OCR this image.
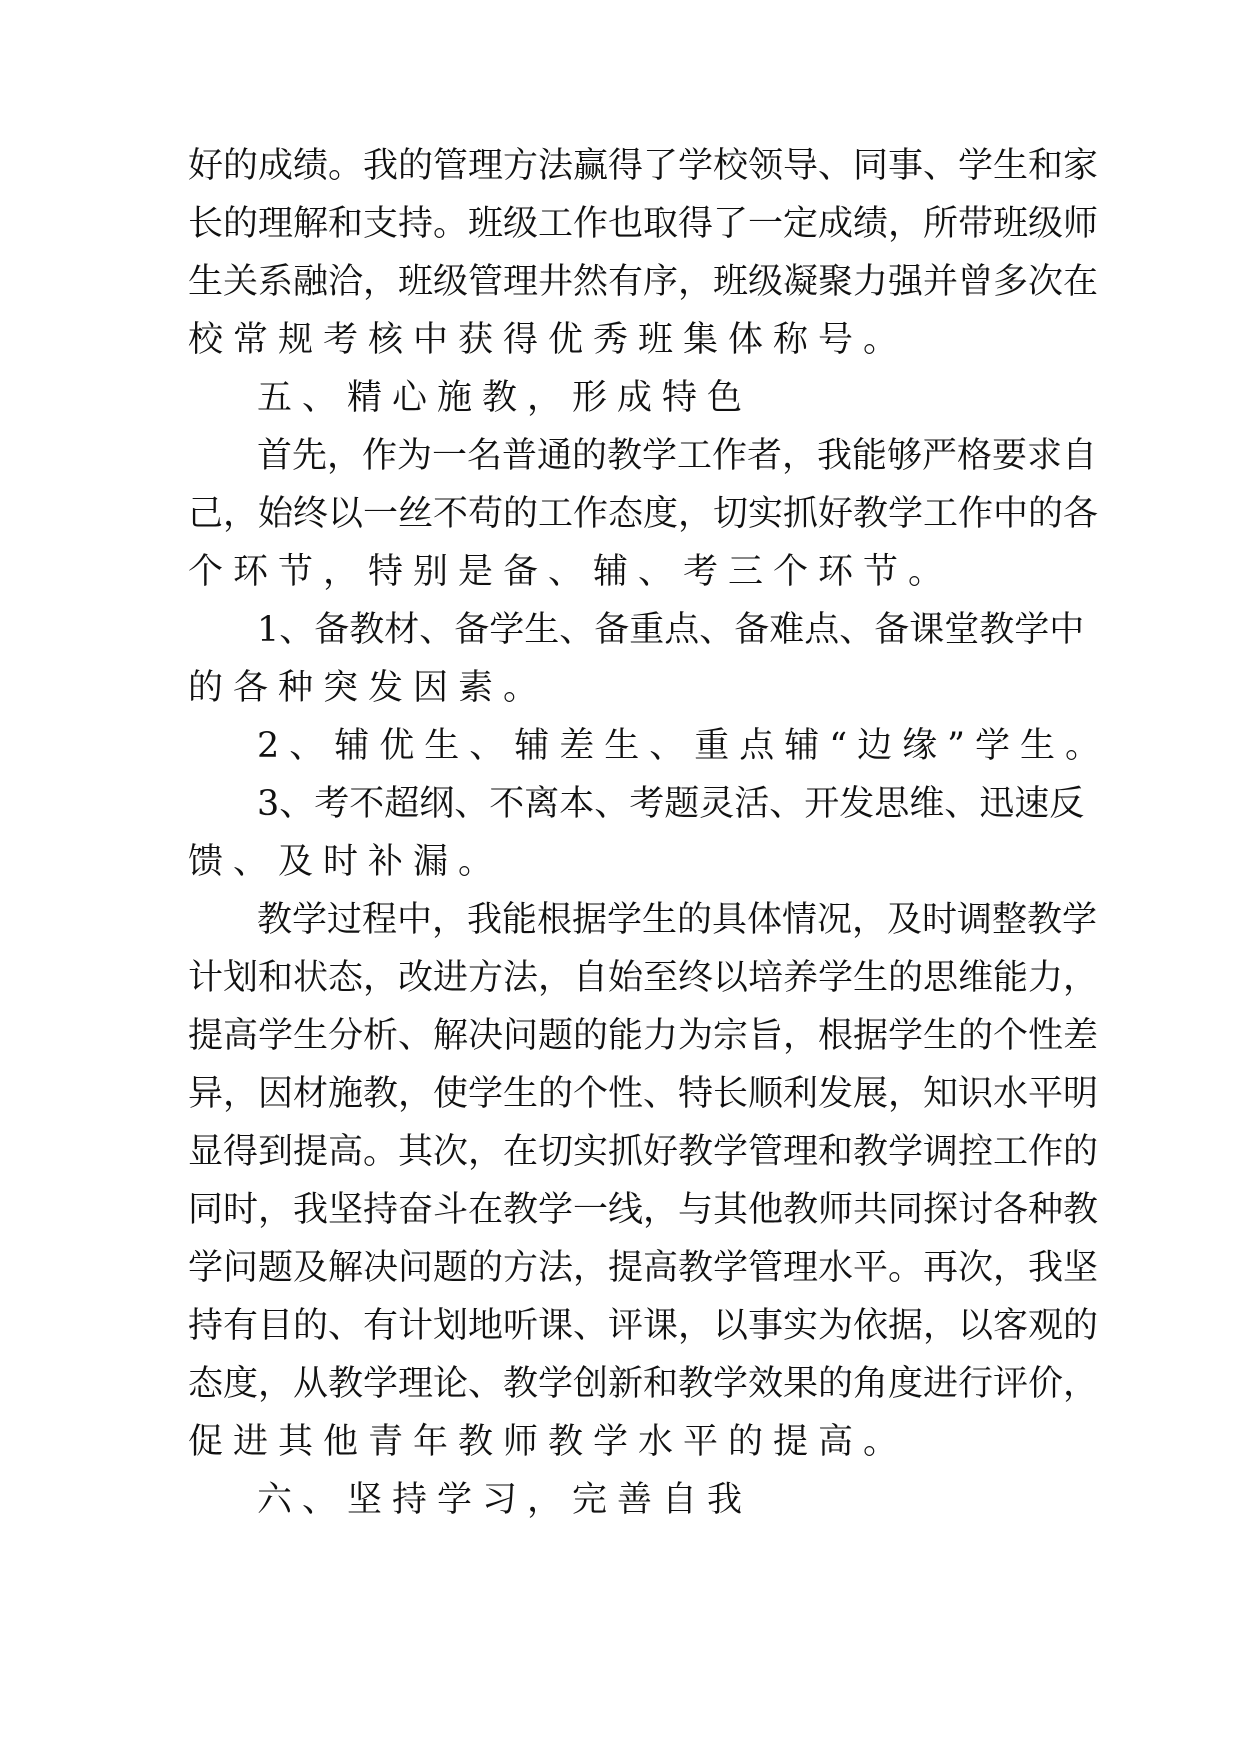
好的成绩。我的管理方法赢得了学校领导、同事、学生和家
长的理解和支持。班级工作也取得了一定成绩，所带班级师
生关系融洽，班级管理井然有序，班级凝聚力强并曾多次在
校常规考核中获得优秀班集体称号。
五、精心施教，形成特色
首先，作为一名普通的教学工作者，我能够严格要求自
己，始终以一丝不苟的工作态度，切实抓好教学工作中的各
个环节，特别是备、辅、考三个环节。
1、备教材、备学生、备重点、备难点、备课堂教学中
的各种突发因素。
2、辅优生、辅差生、重点辅“边缘”学生。
3、考不超纲、不离本、考题灵活、开发思维、迅速反
馈、及时补漏。
教学过程中，我能根据学生的具体情况，及时调整教学
计划和状态，改进方法，自始至终以培养学生的思维能力，
提高学生分析、解决问题的能力为宗旨，根据学生的个性差
异，因材施教，使学生的个性、特长顺利发展，知识水平明
显得到提高。其次，在切实抓好教学管理和教学调控工作的
同时，我坚持奋斗在教学一线，与其他教师共同探讨各种教
学问题及解决问题的方法，提高教学管理水平。再次，我坚
持有目的、有计划地听课、评课，以事实为依据，以客观的
态度，从教学理论、教学创新和教学效果的角度进行评价，
促进其他青年教师教学水平的提高。
六、坚持学习，完善自我
